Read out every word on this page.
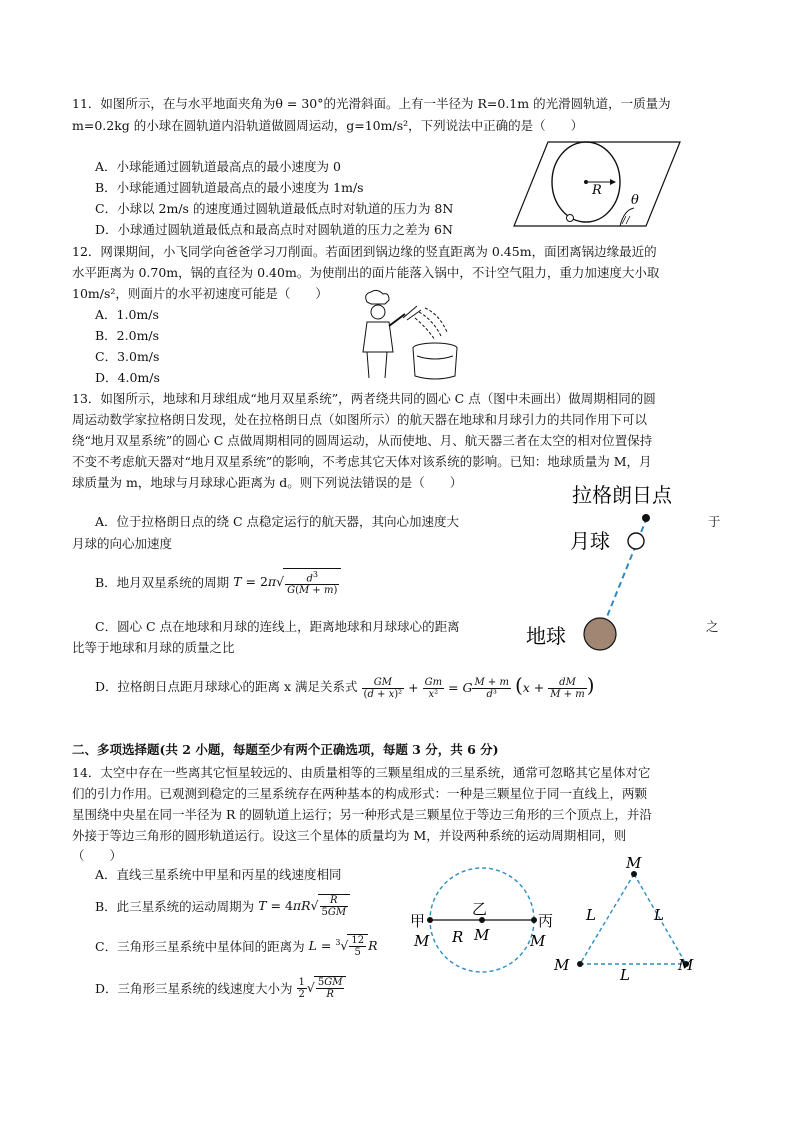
11．如图所示，在与水平地面夹角为θ = 30°的光滑斜面。上有一半径为 R=0.1m 的光滑圆轨道，一质量为
m=0.2kg 的小球在圆轨道内沿轨道做圆周运动，g=10m/s²，下列说法中正确的是（　　）
A．小球能通过圆轨道最高点的最小速度为 0
B．小球能通过圆轨道最高点的最小速度为 1m/s
C．小球以 2m/s 的速度通过圆轨道最低点时对轨道的压力为 8N
D．小球通过圆轨道最低点和最高点时对圆轨道的压力之差为 6N
R
θ
12．网课期间，小飞同学向爸爸学习刀削面。若面团到锅边缘的竖直距离为 0.45m，面团离锅边缘最近的
水平距离为 0.70m，锅的直径为 0.40m。为使削出的面片能落入锅中，不计空气阻力，重力加速度大小取
10m/s²，则面片的水平初速度可能是（　　）
A．1.0m/s
B．2.0m/s
C．3.0m/s
D．4.0m/s
13．如图所示，地球和月球组成“地月双星系统”，两者绕共同的圆心 C 点（图中未画出）做周期相同的圆
周运动数学家拉格朗日发现，处在拉格朗日点（如图所示）的航天器在地球和月球引力的共同作用下可以
绕“地月双星系统”的圆心 C 点做周期相同的圆周运动，从而使地、月、航天器三者在太空的相对位置保持
不变不考虑航天器对“地月双星系统”的影响，不考虑其它天体对该系统的影响。已知：地球质量为 M，月
球质量为 m，地球与月球球心距离为 d。则下列说法错误的是（　　）
A．位于拉格朗日点的绕 C 点稳定运行的航天器，其向心加速度大	于
月球的向心加速度
B．地月双星系统的周期 $T = 2\pi√ \frac{d^3}{G(M + m)}$
C．圆心 C 点在地球和月球的连线上，距离地球和月球球心的距离	之
比等于地球和月球的质量之比
D．拉格朗日点距月球球心的距离 x 满足关系式 $\frac{GM}{\text{(d + x)²}} + \frac{Gm}{\text{x²}} = G \frac{M + m}{\text{d³}} (x + \frac{dM}{M + m}$ )
拉格朗日点
月球
地球
二、多项选择题(共 2 小题，每题至少有两个正确选项，每题 3 分，共 6 分)
14．太空中存在一些离其它恒星较远的、由质量相等的三颗星组成的三星系统，通常可忽略其它星体对它
们的引力作用。已观测到稳定的三星系统存在两种基本的构成形式：一种是三颗星位于同一直线上，两颗
星围绕中央星在同一半径为 R 的圆轨道上运行；另一种形式是三颗星位于等边三角形的三个顶点上，并沿
外接于等边三角形的圆形轨道运行。设这三个星体的质量均为 M，并设两种系统的运动周期相同，则
（　　）
A．直线三星系统中甲星和丙星的线速度相同
B．此三星系统的运动周期为 $T = 4\pi R√ \frac{R}{5GM}$
C．三角形三星系统中星体间的距离为 $L = ^3√ \frac{12}{5}$ R
D．三角形三星系统的线速度大小为 $\frac{1}{2}$ √ $\frac{5GM}{R}$
甲
乙
丙
M	M	M
R
M
M	M
L	L
L
